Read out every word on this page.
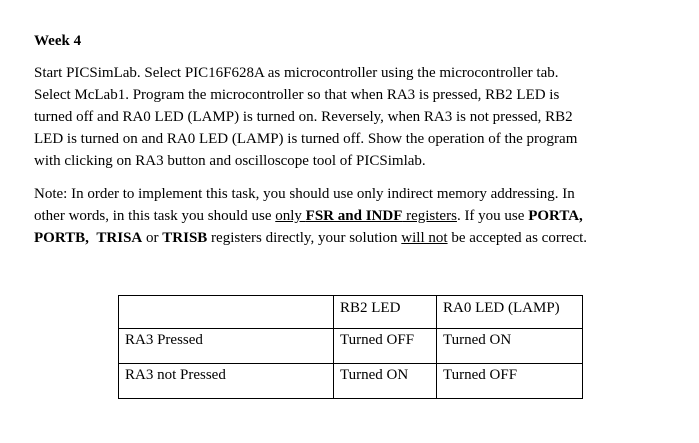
Week 4

Start PICSimLab. Select PIC16F628A as microcontroller using the microcontroller tab.
Select McLab1. Program the microcontroller so that when RA3 is pressed, RB2 LED is
turned off and RA0 LED (LAMP) is turned on. Reversely, when RA3 is not pressed, RB2
LED is turned on and RA0 LED (LAMP) is turned off. Show the operation of the program
with clicking on RA3 button and oscilloscope tool of PICSimlab.

Note: In order to implement this task, you should use only indirect memory addressing. In
other words, in this task you should use only FSR and INDF registers. If you use PORTA,
PORTB, TRISA or TRISB registers directly, your solution will not be accepted as correct.

	RB2 LED	RA0 LED (LAMP)
RA3 Pressed	Turned OFF	Turned ON
RA3 not Pressed	Turned ON	Turned OFF
